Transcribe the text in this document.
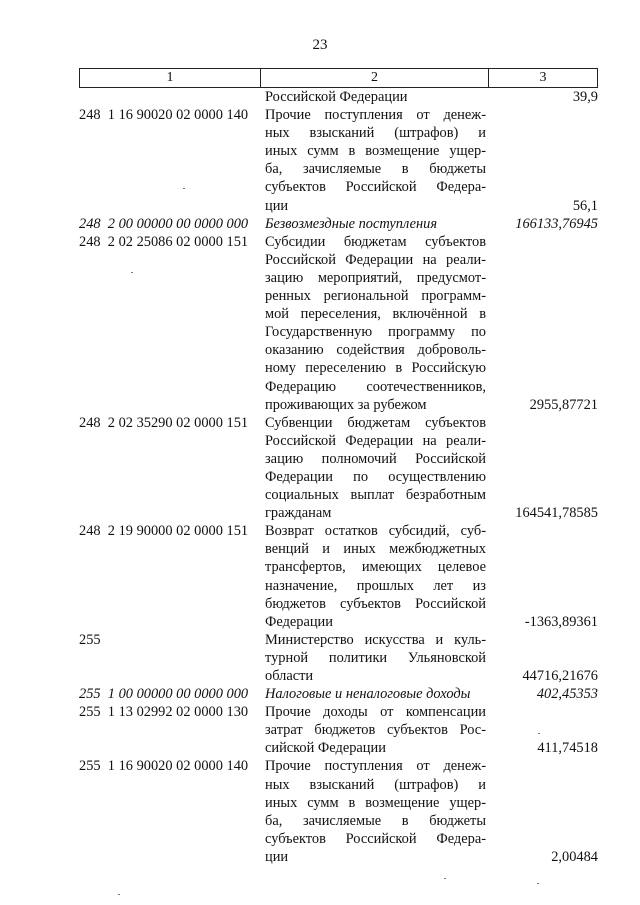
23
1	2	3
Российской Федерации	39,9
248  1 16 90020 02 0000 140	Прочие поступления от денеж-
ных взысканий (штрафов) и
иных сумм в возмещение ущер-
ба, зачисляемые в бюджеты
субъектов Российской Федера-
ции	56,1
248  2 00 00000 00 0000 000	Безвозмездные поступления	166133,76945
248  2 02 25086 02 0000 151	Субсидии бюджетам субъектов
Российской Федерации на реали-
зацию мероприятий, предусмот-
ренных региональной программ-
мой переселения, включённой в
Государственную программу по
оказанию содействия доброволь-
ному переселению в Российскую
Федерацию соотечественников,
проживающих за рубежом	2955,87721
248  2 02 35290 02 0000 151	Субвенции бюджетам субъектов
Российской Федерации на реали-
зацию полномочий Российской
Федерации по осуществлению
социальных выплат безработным
гражданам	164541,78585
248  2 19 90000 02 0000 151	Возврат остатков субсидий, суб-
венций и иных межбюджетных
трансфертов, имеющих целевое
назначение, прошлых лет из
бюджетов субъектов Российской
Федерации	-1363,89361
255	Министерство искусства и куль-
турной политики Ульяновской
области	44716,21676
255  1 00 00000 00 0000 000	Налоговые и неналоговые доходы	402,45353
255  1 13 02992 02 0000 130	Прочие доходы от компенсации
затрат бюджетов субъектов Рос-
сийской Федерации	411,74518
255  1 16 90020 02 0000 140	Прочие поступления от денеж-
ных взысканий (штрафов) и
иных сумм в возмещение ущер-
ба, зачисляемые в бюджеты
субъектов Российской Федера-
ции	2,00484
